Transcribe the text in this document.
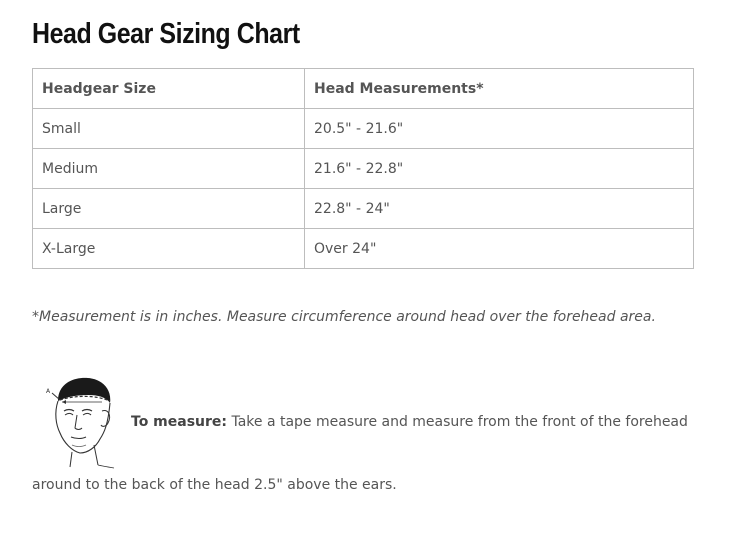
Head Gear Sizing Chart
Headgear Size	Head Measurements*
Small	20.5" - 21.6"
Medium	21.6" - 22.8"
Large	22.8" - 24"
X-Large	Over 24"
*Measurement is in inches. Measure circumference around head over the forehead area.
A
To measure: Take a tape measure and measure from the front of the forehead
around to the back of the head 2.5" above the ears.
